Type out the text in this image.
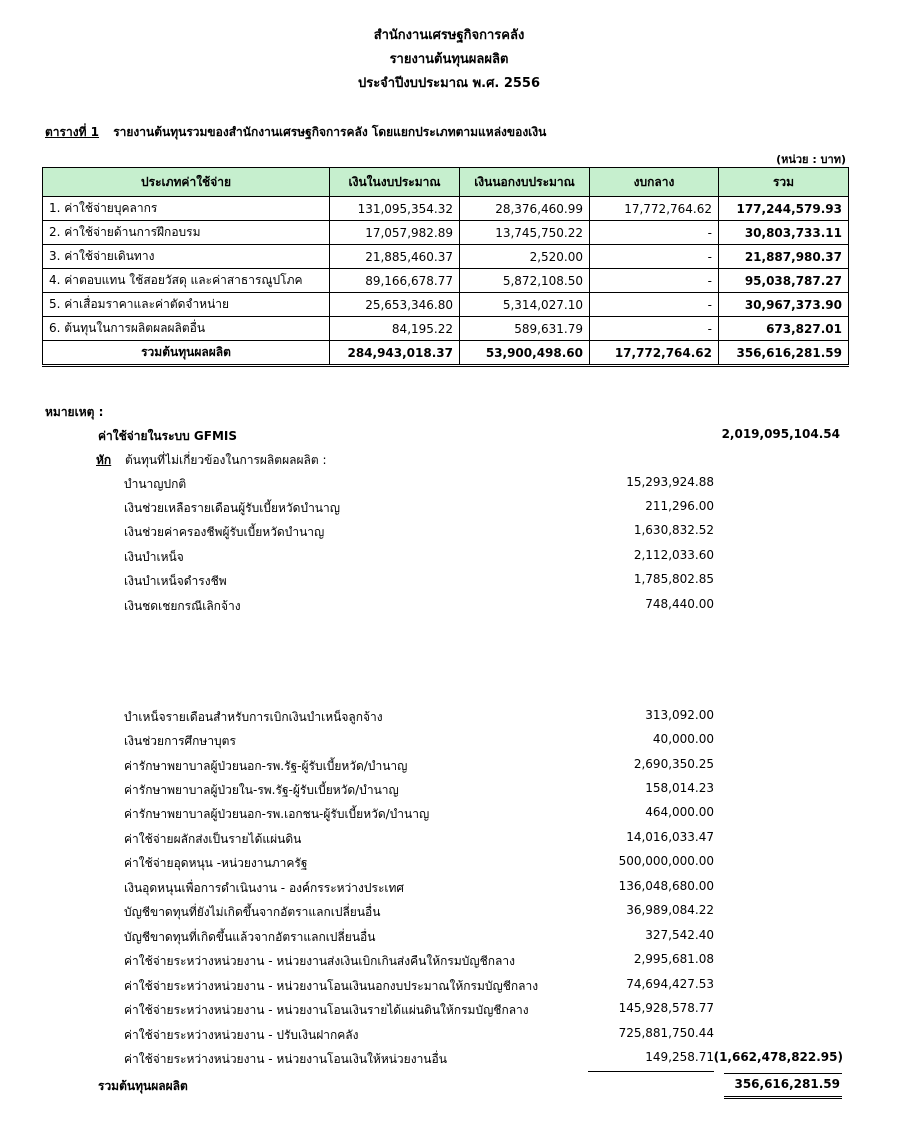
สำนักงานเศรษฐกิจการคลัง
รายงานต้นทุนผลผลิต
ประจำปีงบประมาณ พ.ศ. 2556
ตารางที่ 1 รายงานต้นทุนรวมของสำนักงานเศรษฐกิจการคลัง โดยแยกประเภทตามแหล่งของเงิน
(หน่วย : บาท)
ประเภทค่าใช้จ่าย	เงินในงบประมาณ	เงินนอกงบประมาณ	งบกลาง	รวม
1. ค่าใช้จ่ายบุคลากร	131,095,354.32	28,376,460.99	17,772,764.62	177,244,579.93
2. ค่าใช้จ่ายด้านการฝึกอบรม	17,057,982.89	13,745,750.22	-	30,803,733.11
3. ค่าใช้จ่ายเดินทาง	21,885,460.37	2,520.00	-	21,887,980.37
4. ค่าตอบแทน ใช้สอยวัสดุ และค่าสาธารณูปโภค	89,166,678.77	5,872,108.50	-	95,038,787.27
5. ค่าเสื่อมราคาและค่าตัดจำหน่าย	25,653,346.80	5,314,027.10	-	30,967,373.90
6. ต้นทุนในการผลิตผลผลิตอื่น	84,195.22	589,631.79	-	673,827.01
รวมต้นทุนผลผลิต	284,943,018.37	53,900,498.60	17,772,764.62	356,616,281.59
หมายเหตุ :
ค่าใช้จ่ายในระบบ GFMIS	2,019,095,104.54
หัก ต้นทุนที่ไม่เกี่ยวข้องในการผลิตผลผลิต :
บำนาญปกติ	15,293,924.88
เงินช่วยเหลือรายเดือนผู้รับเบี้ยหวัดบำนาญ	211,296.00
เงินช่วยค่าครองชีพผู้รับเบี้ยหวัดบำนาญ	1,630,832.52
เงินบำเหน็จ	2,112,033.60
เงินบำเหน็จดำรงชีพ	1,785,802.85
เงินชดเชยกรณีเลิกจ้าง	748,440.00
บำเหน็จรายเดือนสำหรับการเบิกเงินบำเหน็จลูกจ้าง	313,092.00
เงินช่วยการศึกษาบุตร	40,000.00
ค่ารักษาพยาบาลผู้ป่วยนอก-รพ.รัฐ-ผู้รับเบี้ยหวัด/บำนาญ	2,690,350.25
ค่ารักษาพยาบาลผู้ป่วยใน-รพ.รัฐ-ผู้รับเบี้ยหวัด/บำนาญ	158,014.23
ค่ารักษาพยาบาลผู้ป่วยนอก-รพ.เอกชน-ผู้รับเบี้ยหวัด/บำนาญ	464,000.00
ค่าใช้จ่ายผลักส่งเป็นรายได้แผ่นดิน	14,016,033.47
ค่าใช้จ่ายอุดหนุน -หน่วยงานภาครัฐ	500,000,000.00
เงินอุดหนุนเพื่อการดำเนินงาน - องค์กรระหว่างประเทศ	136,048,680.00
บัญชีขาดทุนที่ยังไม่เกิดขึ้นจากอัตราแลกเปลี่ยนอื่น	36,989,084.22
บัญชีขาดทุนที่เกิดขึ้นแล้วจากอัตราแลกเปลี่ยนอื่น	327,542.40
ค่าใช้จ่ายระหว่างหน่วยงาน - หน่วยงานส่งเงินเบิกเกินส่งคืนให้กรมบัญชีกลาง	2,995,681.08
ค่าใช้จ่ายระหว่างหน่วยงาน - หน่วยงานโอนเงินนอกงบประมาณให้กรมบัญชีกลาง	74,694,427.53
ค่าใช้จ่ายระหว่างหน่วยงาน - หน่วยงานโอนเงินรายได้แผ่นดินให้กรมบัญชีกลาง	145,928,578.77
ค่าใช้จ่ายระหว่างหน่วยงาน - ปรับเงินฝากคลัง	725,881,750.44
ค่าใช้จ่ายระหว่างหน่วยงาน - หน่วยงานโอนเงินให้หน่วยงานอื่น	149,258.71 (1,662,478,822.95)
รวมต้นทุนผลผลิต	356,616,281.59
